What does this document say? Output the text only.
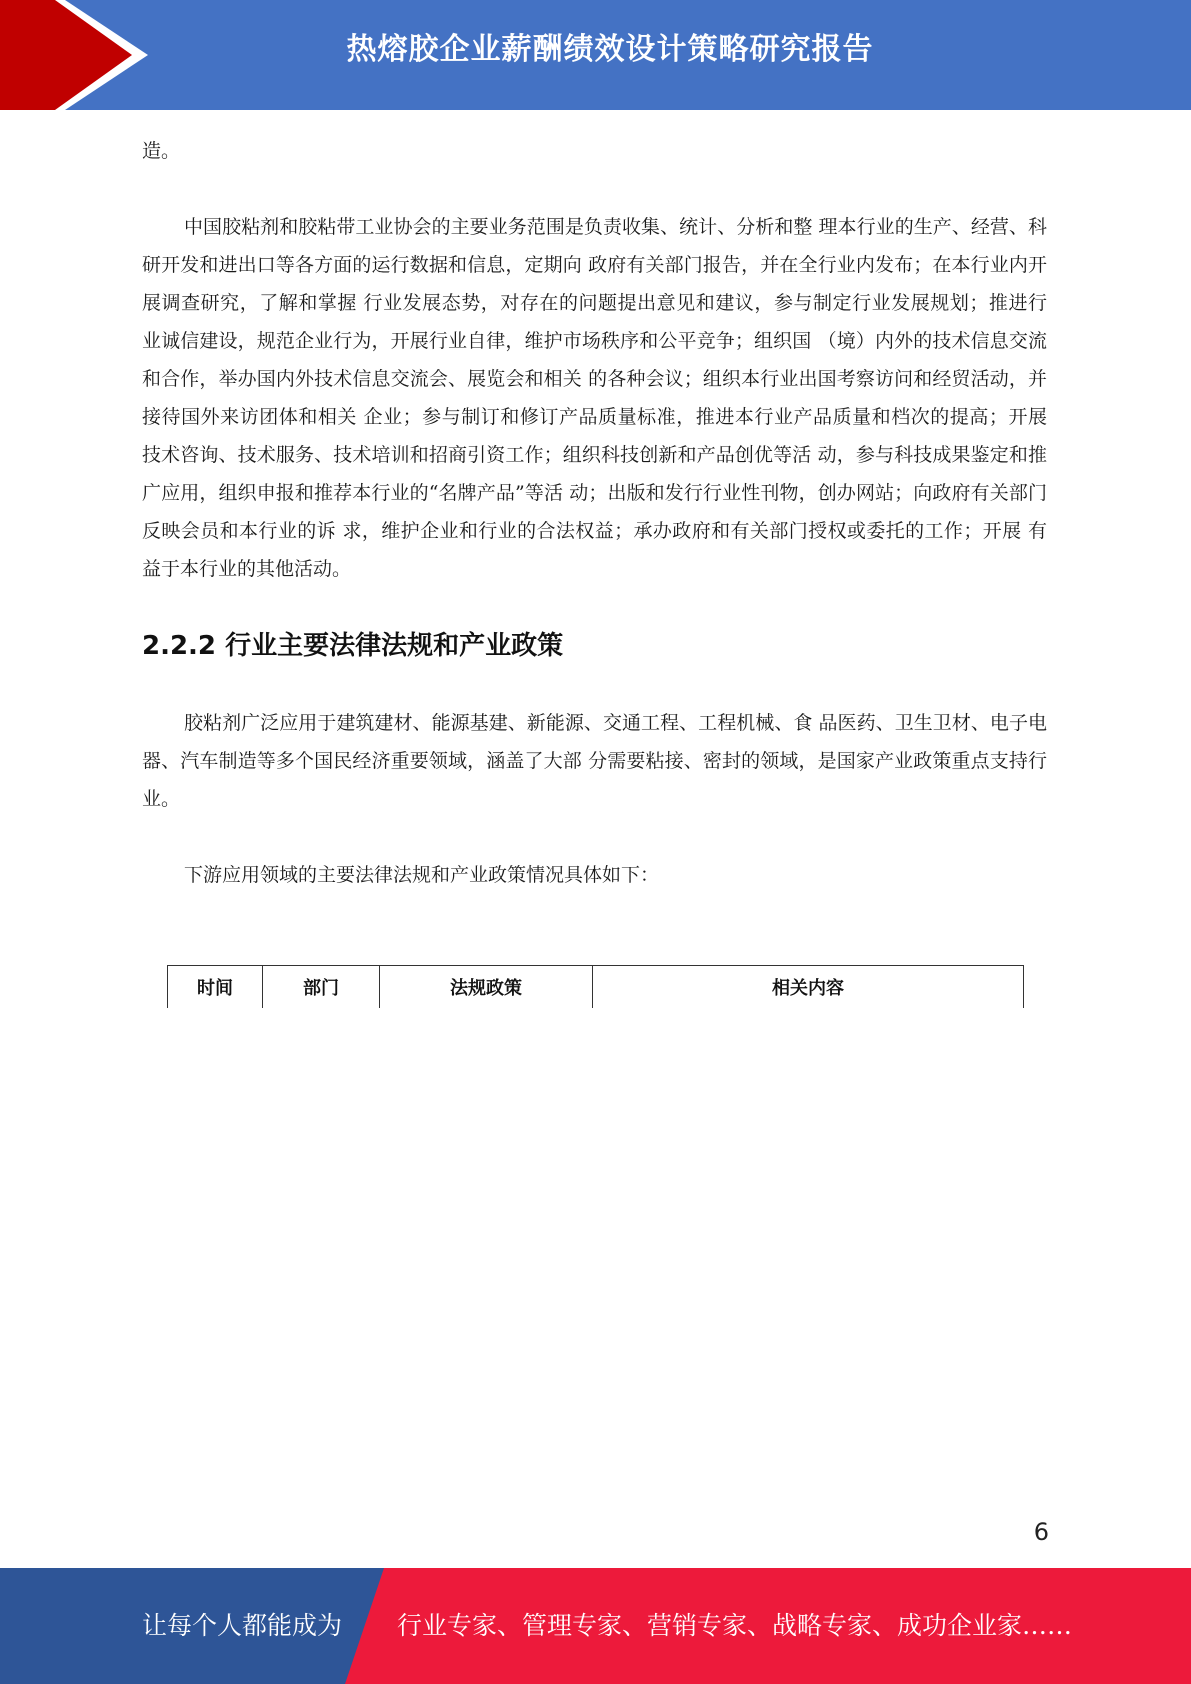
热熔胶企业薪酬绩效设计策略研究报告

造。

中国胶粘剂和胶粘带工业协会的主要业务范围是负责收集、统计、分析和整 理本行业的生产、经营、科研开发和进出口等各方面的运行数据和信息，定期向 政府有关部门报告，并在全行业内发布；在本行业内开展调查研究，了解和掌握 行业发展态势，对存在的问题提出意见和建议，参与制定行业发展规划；推进行 业诚信建设，规范企业行为，开展行业自律，维护市场秩序和公平竞争；组织国 （境）内外的技术信息交流和合作，举办国内外技术信息交流会、展览会和相关 的各种会议；组织本行业出国考察访问和经贸活动，并接待国外来访团体和相关 企业；参与制订和修订产品质量标准，推进本行业产品质量和档次的提高；开展 技术咨询、技术服务、技术培训和招商引资工作；组织科技创新和产品创优等活 动，参与科技成果鉴定和推广应用，组织申报和推荐本行业的“名牌产品”等活 动；出版和发行行业性刊物，创办网站；向政府有关部门反映会员和本行业的诉 求，维护企业和行业的合法权益；承办政府和有关部门授权或委托的工作；开展 有益于本行业的其他活动。

2.2.2 行业主要法律法规和产业政策

胶粘剂广泛应用于建筑建材、能源基建、新能源、交通工程、工程机械、食 品医药、卫生卫材、电子电器、汽车制造等多个国民经济重要领域，涵盖了大部 分需要粘接、密封的领域，是国家产业政策重点支持行业。

下游应用领域的主要法律法规和产业政策情况具体如下：

时间	部门	法规政策	相关内容
6
让每个人都能成为 行业专家、管理专家、营销专家、战略专家、成功企业家……
